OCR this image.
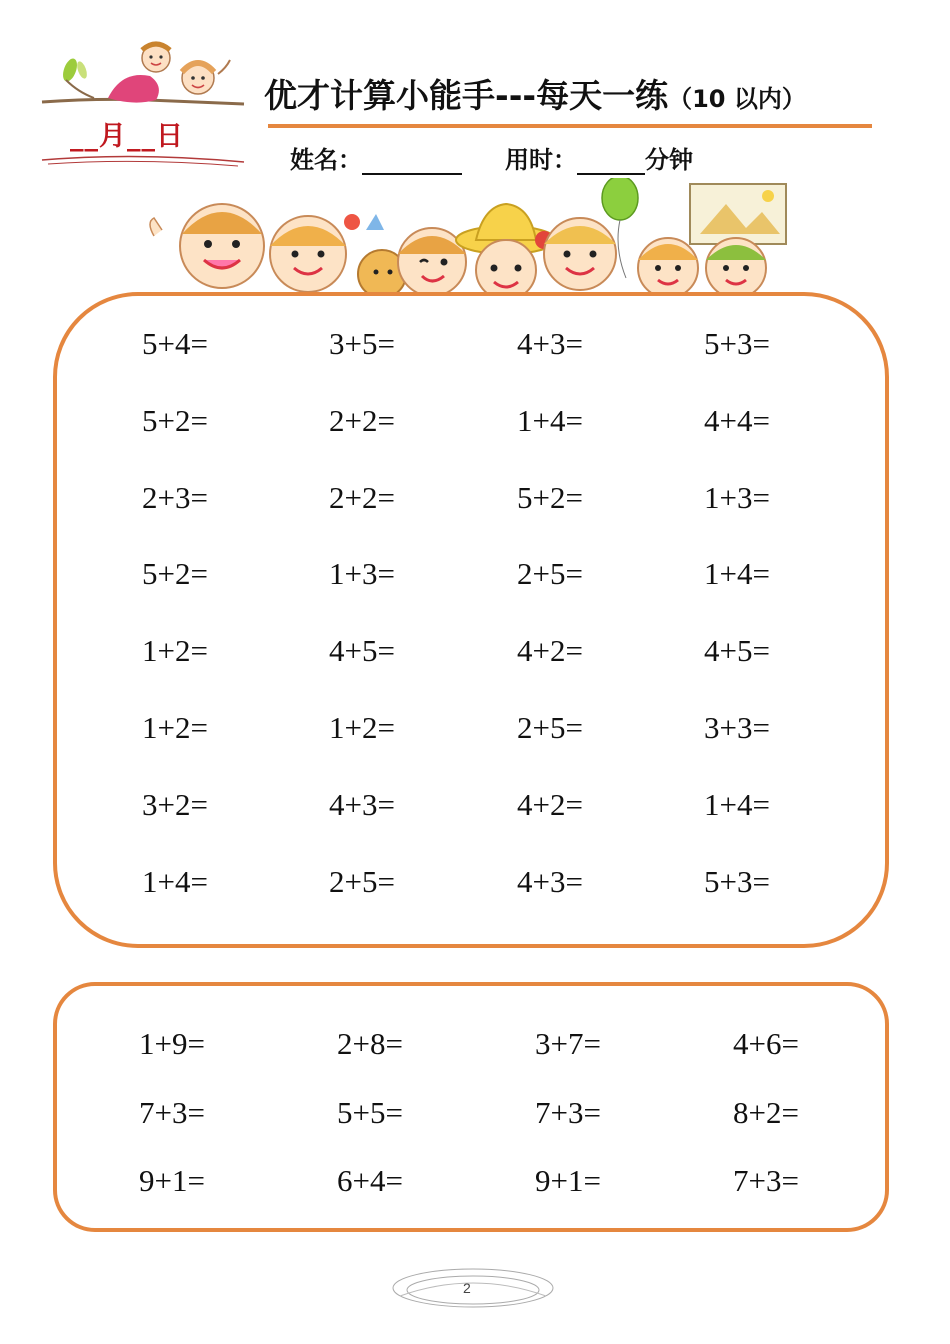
__月__日
优才计算小能手---每天一练（10 以内）
姓名：	用时：	分钟
5+4=	3+5=	4+3=	5+3=
5+2=	2+2=	1+4=	4+4=
2+3=	2+2=	5+2=	1+3=
5+2=	1+3=	2+5=	1+4=
1+2=	4+5=	4+2=	4+5=
1+2=	1+2=	2+5=	3+3=
3+2=	4+3=	4+2=	1+4=
1+4=	2+5=	4+3=	5+3=
1+9=	2+8=	3+7=	4+6=
7+3=	5+5=	7+3=	8+2=
9+1=	6+4=	9+1=	7+3=
2
